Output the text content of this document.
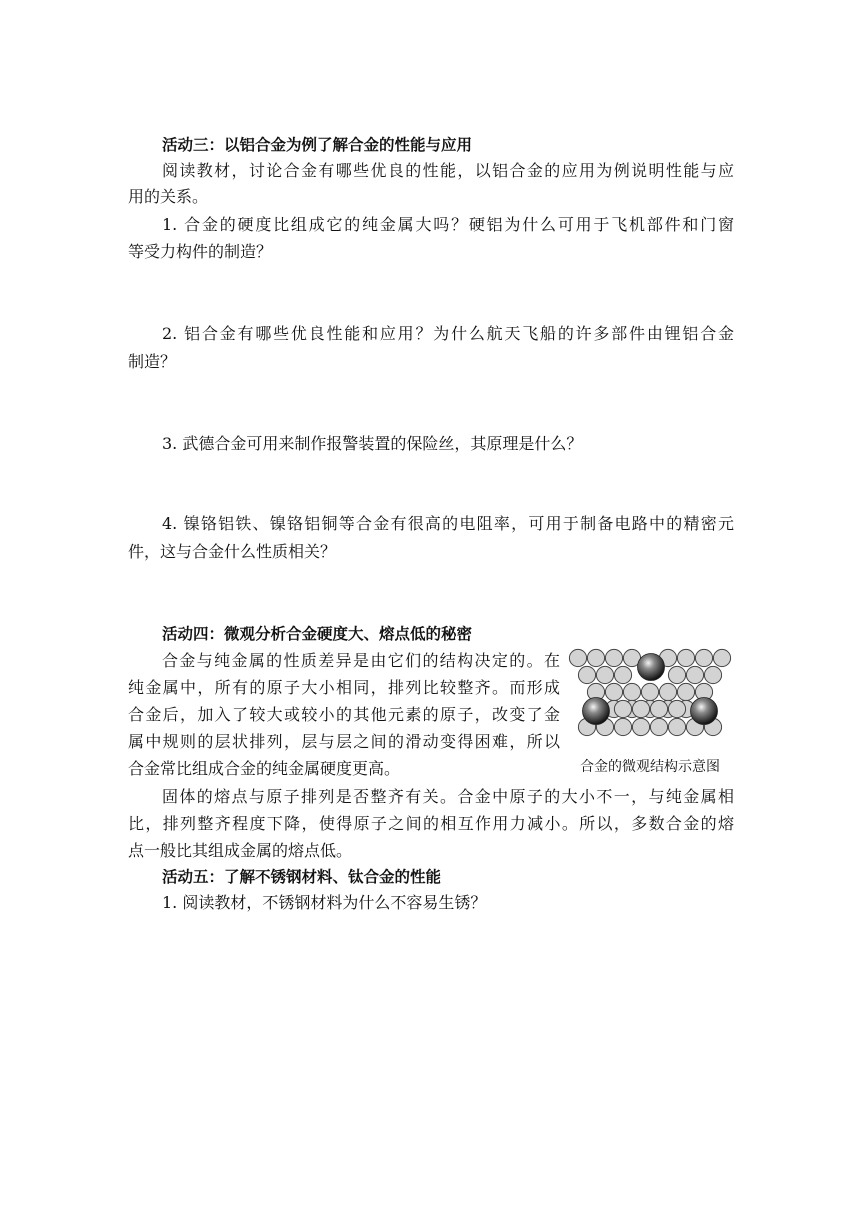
活动三：以铝合金为例了解合金的性能与应用
阅读教材，讨论合金有哪些优良的性能，以铝合金的应用为例说明性能与应
用的关系。
1. 合金的硬度比组成它的纯金属大吗？硬铝为什么可用于飞机部件和门窗
等受力构件的制造？
2. 铝合金有哪些优良性能和应用？为什么航天飞船的许多部件由锂铝合金
制造？
3. 武德合金可用来制作报警装置的保险丝，其原理是什么？
4. 镍铬铝铁、镍铬铝铜等合金有很高的电阻率，可用于制备电路中的精密元
件，这与合金什么性质相关？
活动四：微观分析合金硬度大、熔点低的秘密
合金与纯金属的性质差异是由它们的结构决定的。在
纯金属中，所有的原子大小相同，排列比较整齐。而形成
合金后，加入了较大或较小的其他元素的原子，改变了金
属中规则的层状排列，层与层之间的滑动变得困难，所以
合金常比组成合金的纯金属硬度更高。	合金的微观结构示意图
固体的熔点与原子排列是否整齐有关。合金中原子的大小不一，与纯金属相
比，排列整齐程度下降，使得原子之间的相互作用力减小。所以，多数合金的熔
点一般比其组成金属的熔点低。
活动五：了解不锈钢材料、钛合金的性能
1. 阅读教材，不锈钢材料为什么不容易生锈？
